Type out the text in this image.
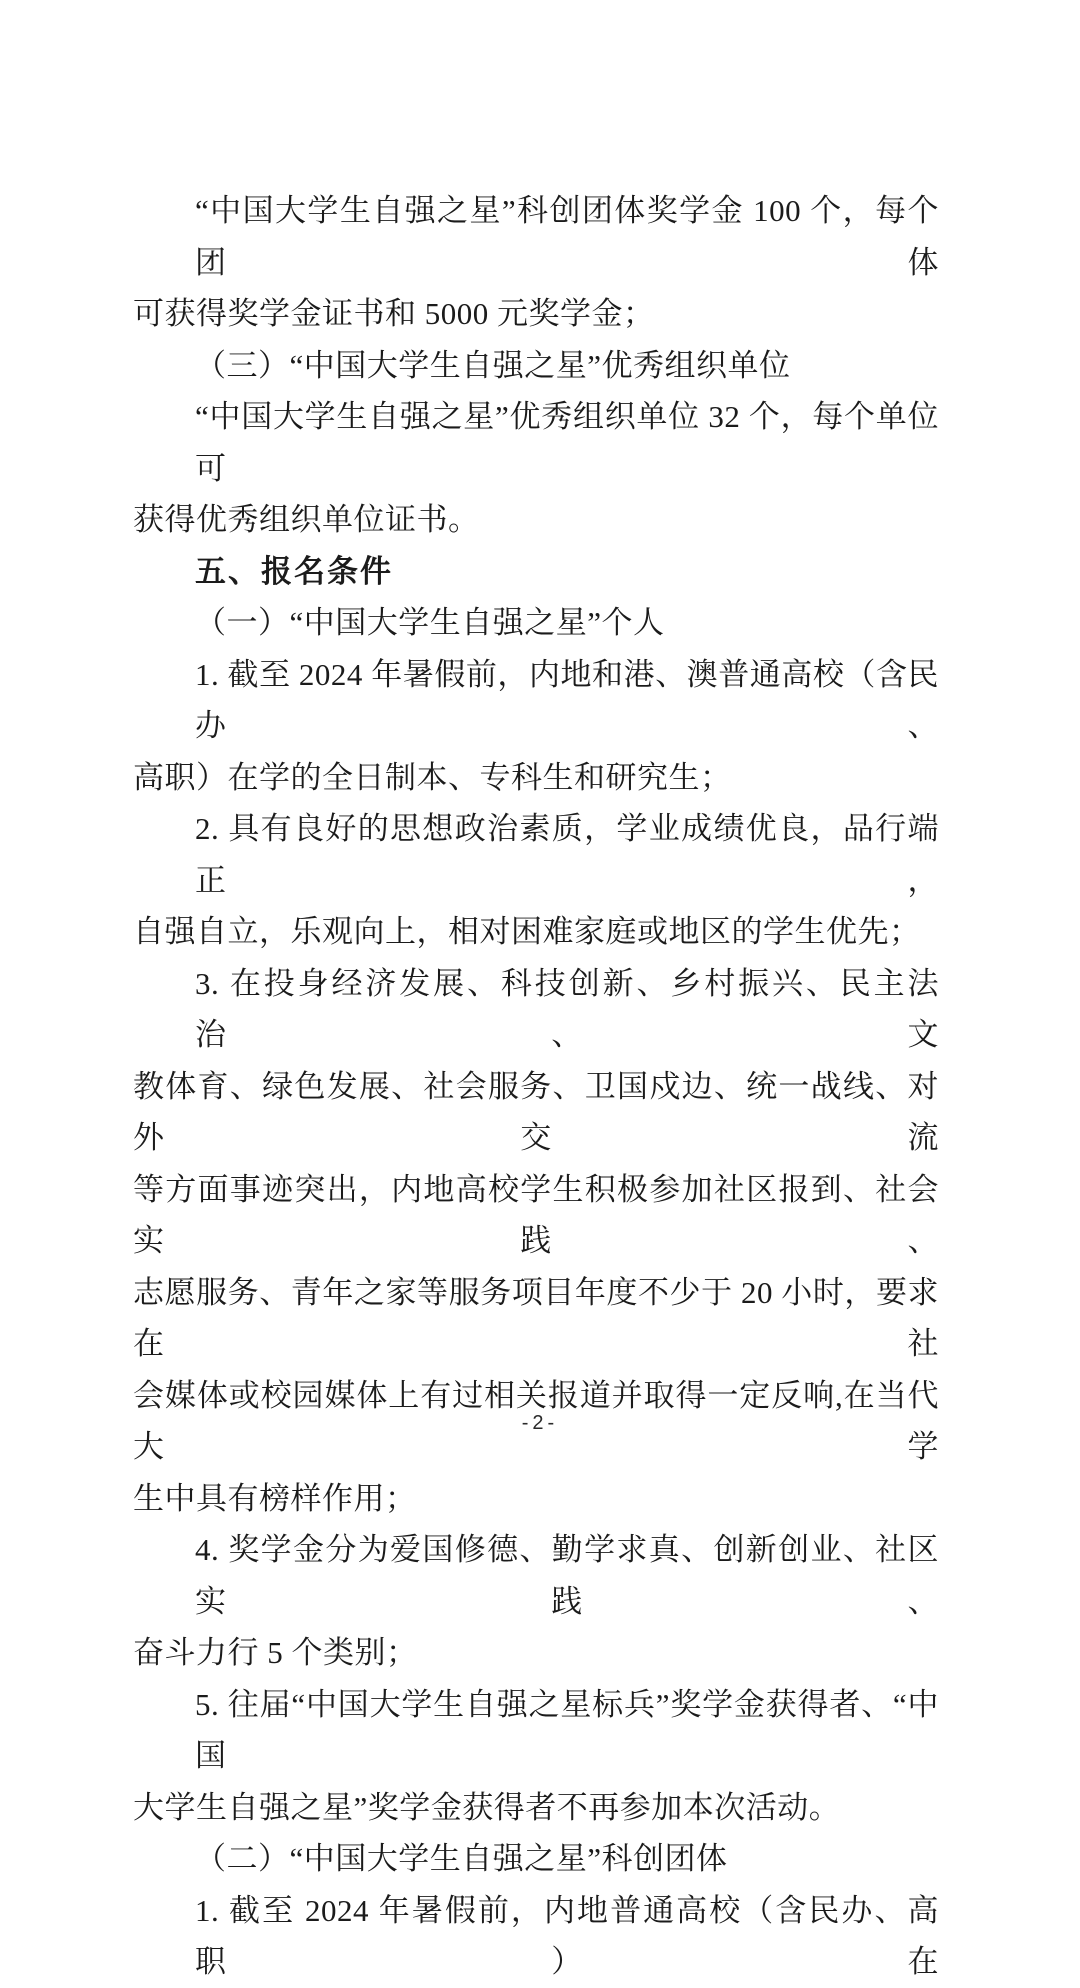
“中国大学生自强之星”科创团体奖学金 100 个，每个团体
可获得奖学金证书和 5000 元奖学金；
（三）“中国大学生自强之星”优秀组织单位
“中国大学生自强之星”优秀组织单位 32 个，每个单位可
获得优秀组织单位证书。
五、报名条件
（一）“中国大学生自强之星”个人
1. 截至 2024 年暑假前，内地和港、澳普通高校（含民办、
高职）在学的全日制本、专科生和研究生；
2. 具有良好的思想政治素质，学业成绩优良，品行端正，
自强自立，乐观向上，相对困难家庭或地区的学生优先；
3. 在投身经济发展、科技创新、乡村振兴、民主法治、文
教体育、绿色发展、社会服务、卫国戍边、统一战线、对外交流
等方面事迹突出，内地高校学生积极参加社区报到、社会实践、
志愿服务、青年之家等服务项目年度不少于 20 小时，要求在社
会媒体或校园媒体上有过相关报道并取得一定反响,在当代大学
生中具有榜样作用；
4. 奖学金分为爱国修德、勤学求真、创新创业、社区实践、
奋斗力行 5 个类别；
5. 往届“中国大学生自强之星标兵”奖学金获得者、“中国
大学生自强之星”奖学金获得者不再参加本次活动。
（二）“中国大学生自强之星”科创团体
1. 截至 2024 年暑假前，内地普通高校（含民办、高职）在
-2-
